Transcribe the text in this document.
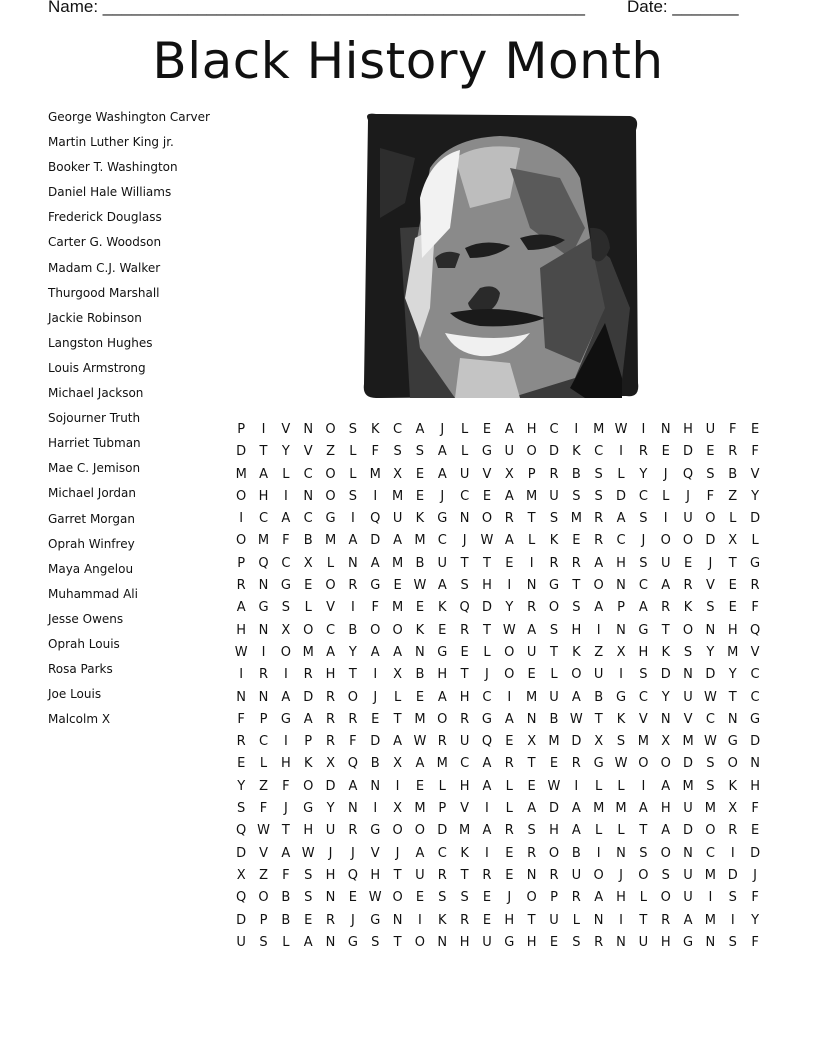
Name: ___________________________________________________ Date: _______
Black History Month
George Washington Carver
Martin Luther King jr.
Booker T. Washington
Daniel Hale Williams
Frederick Douglass
Carter G. Woodson
Madam C.J. Walker
Thurgood Marshall
Jackie Robinson
Langston Hughes
Louis Armstrong
Michael Jackson
Sojourner Truth
Harriet Tubman
Mae C. Jemison
Michael Jordan
Garret Morgan
Oprah Winfrey
Maya Angelou
Muhammad Ali
Jesse Owens
Oprah Louis
Rosa Parks
Joe Louis
Malcolm X
P	I	V	N O	S	K	C	A	J	L	E	A	H C	I	M W	I	N H U	F	E
D	T	Y	V	Z	L	F	S	S	A	L	G U O D	K	C	I	R	E	D	E	R	F
M A	L	C O	L	M X	E	A	U	V	X	P	R	B	S	L	Y	J	Q	S	B	V
O H	I	N O	S	I	M E	J	C	E	A M U	S	S	D C	L	J	F	Z	Y
I	C	A	C G	I	Q U	K	G N O R	T	S M R	A	S	I	U O	L	D
O M F	B M A D A M C	J	W A	L	K	E	R	C	J	O O D X	L
P	Q C	X	L	N	A M B	U	T	T	E	I	R	R	A	H	S	U	E	J	T	G
R N G	E	O R G	E W A	S	H	I	N G	T	O N C	A	R	V	E	R
A G	S	L	V	I	F	M E	K Q D	Y	R O	S	A	P	A	R	K	S	E	F
H N	X O C	B O O K	E	R	T W A	S	H	I	N G	T	O N H Q
W	I	O M A	Y	A	A	N G	E	L	O U	T	K	Z	X	H	K	S	Y M V
I	R	I	R H	T	I	X	B	H	T	J	O	E	L	O U	I	S	D N D	Y	C
N N	A D R O	J	L	E	A	H C	I	M U	A	B G C	Y	U W T	C
F	P	G A	R	R	E	T M O R G A	N	B W T	K	V	N	V	C N G
R	C	I	P	R	F	D A W R	U Q	E	X M D X	S M X M W G D
E	L	H	K	X Q B	X	A M C	A	R	T	E	R G W O O D	S	O N
Y	Z	F	O D A	N	I	E	L	H	A	L	E W	I	L	L	I	A M S	K	H
S	F	J	G	Y	N	I	X M P	V	I	L	A D A M M A	H U M X	F
Q W T	H U	R G O O D M A	R	S	H	A	L	L	T	A D O R	E
D V	A W	J	J	V	J	A	C	K	I	E	R O B	I	N	S	O N C	I	D
X	Z	F	S	H Q H	T	U	R	T	R	E	N R	U O	J	O	S	U M D	J
Q O B	S	N	E W O	E	S	S	E	J	O	P	R	A	H	L	O U	I	S	F
D	P	B	E	R	J	G N	I	K	R	E	H	T	U	L	N	I	T	R	A M	I	Y
U	S	L	A	N G	S	T	O N H U G H	E	S	R N U H G N	S	F
